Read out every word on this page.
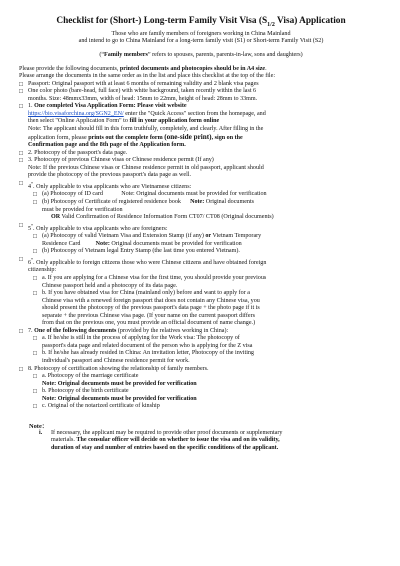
Checklist for (Short-) Long-term Family Visit Visa ($S_{1/2}$ Visa) Application
Those who are family members of foreigners working in China Mainland
and intend to go to China Mainland for a long-term family visit (S1) or Short-term Family Visit (S2)
(“Family members” refers to spouses, parents, parents-in-law, sons and daughters)
Please provide the following documents, printed documents and photocopies should be in A4 size.
Please arrange the documents in the same order as in the list and place this checklist at the top of the file:
□ Passport: Original passport with at least 6 months of remaining validity and 2 blank visa pages
□ One color photo (bare-head, full face) with white background, taken recently within the last 6
months. Size: 48mmx33mm, width of head: 15mm to 22mm, height of head: 28mm to 33mm.
□ 1. One completed Visa Application Form: Please visit website
https://bio.visaforchina.org/SGN2_EN/ enter the "Quick Access" section from the homepage, and
then select "Online Application Form" to fill in your application form online
Note: The applicant should fill in this form truthfully, completely, and clearly. After filling in the
application form, please prints out the complete form (one-side print), sign on the
Confirmation page and the 8th page of the Application form.
□ 2. Photocopy of the passport's data page.
□ 3. Photocopy of previous Chinese visas or Chinese residence permit (If any)
Note: If the previous Chinese visas or Chinese residence permit in old passport, applicant should
provide the photocopy of the previous passport's data page as well.
□
4*. Only applicable to visa applicants who are Vietnamese citizens:
□ (a) Photocopy of ID card	Note: Original documents must be provided for verification
□ (b) Photocopy of Certificate of registered residence book Note: Original documents
must be provided for verification
OR Valid Confirmation of Residence Information Form CT07/ CT08 (Original documents)
□
5*. Only applicable to visa applicants who are foreigners:
□ (a) Photocopy of valid Vietnam Visa and Extension Stamp (if any) or Vietnam Temporary
Residence Card Note: Original documents must be provided for verification
□ (b) Photocopy of Vietnam legal Entry Stamp (the last time you entered Vietnam).
□
6*. Only applicable to foreign citizens those who were Chinese citizens and have obtained foreign
citizenship:
□ a. If you are applying for a Chinese visa for the first time, you should provide your previous
Chinese passport held and a photocopy of its data page.
□ b. If you have obtained visa for China (mainland only) before and want to apply for a
Chinese visa with a renewed foreign passport that does not contain any Chinese visa, you
should present the photocopy of the previous passport's data page + the photo page if it is
separate + the previous Chinese visa page. (If your name on the current passport differs
from that on the previous one, you must provide an official document of name change.)
□ 7. One of the following documents (provided by the relatives working in China):
□ a. If he/she is still in the process of applying for the Work visa: The photocopy of
passport's data page and related document of the person who is applying for the Z visa
□ b. If he/she has already resided in China: An invitation letter, Photocopy of the inviting
individual's passport and Chinese residence permit for work.
□ 8. Photocopy of certification showing the relationship of family members.
□ a. Photocopy of the marriage certificate
Note: Original documents must be provided for verification
□ b. Photocopy of the birth certificate
Note: Original documents must be provided for verification
□ c. Original of the notarized certificate of kinship
Note：
i.	If necessary, the applicant may be required to provide other proof documents or supplementary
materials. The consular officer will decide on whether to issue the visa and on its validity,
duration of stay and number of entries based on the specific conditions of the applicant.
